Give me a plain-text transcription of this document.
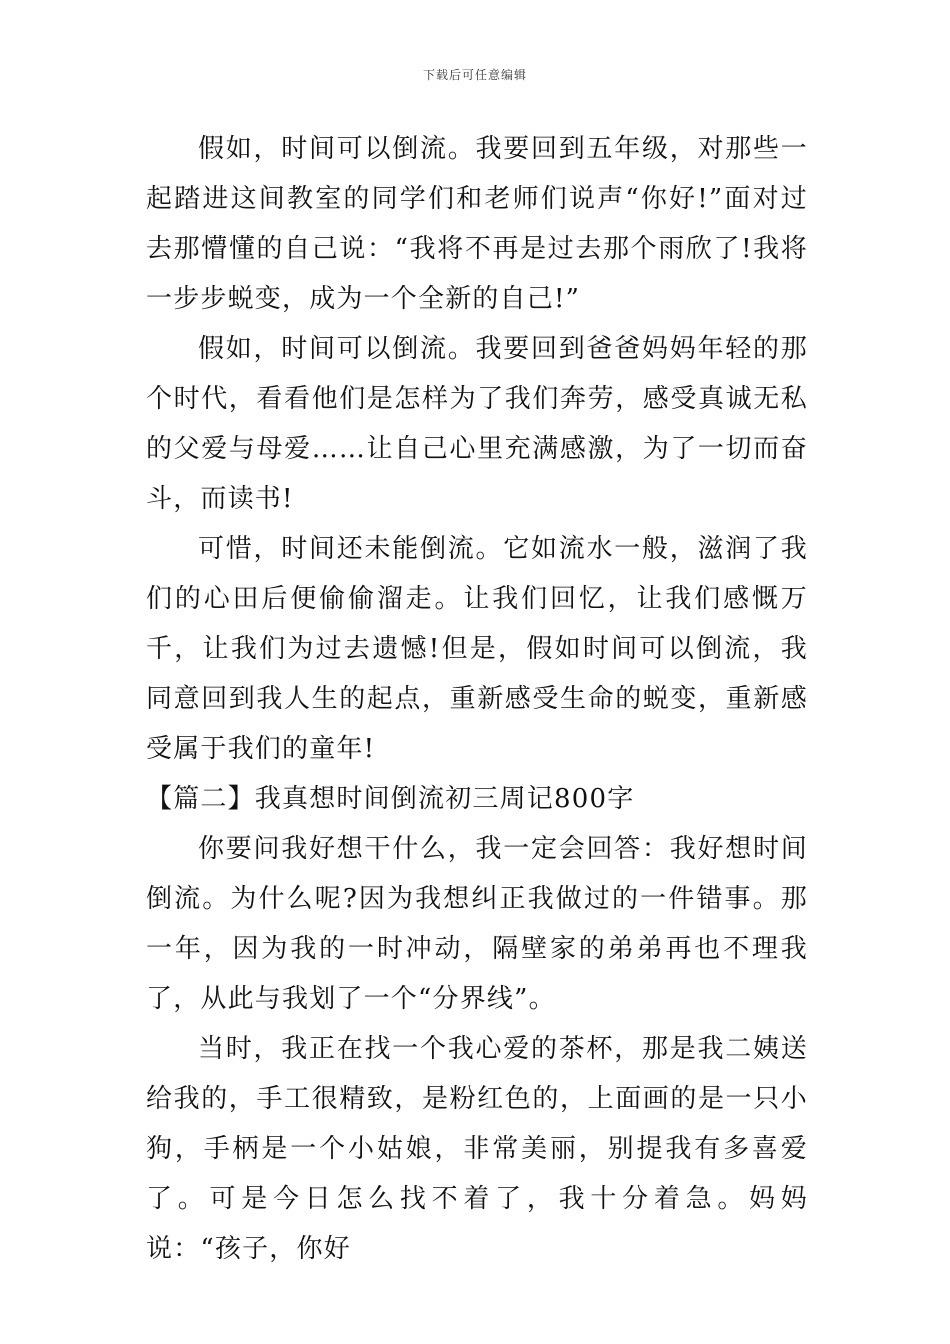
下载后可任意编辑

假如，时间可以倒流。我要回到五年级，对那些一起踏进这间教室的同学们和老师们说声“你好!”面对过去那懵懂的自己说：“我将不再是过去那个雨欣了!我将一步步蜕变，成为一个全新的自己!”

假如，时间可以倒流。我要回到爸爸妈妈年轻的那个时代，看看他们是怎样为了我们奔劳，感受真诚无私的父爱与母爱……让自己心里充满感激，为了一切而奋斗，而读书!

可惜，时间还未能倒流。它如流水一般，滋润了我们的心田后便偷偷溜走。让我们回忆，让我们感慨万千，让我们为过去遗憾!但是，假如时间可以倒流，我同意回到我人生的起点，重新感受生命的蜕变，重新感受属于我们的童年!

【篇二】我真想时间倒流初三周记800字

你要问我好想干什么，我一定会回答：我好想时间倒流。为什么呢?因为我想纠正我做过的一件错事。那一年，因为我的一时冲动，隔壁家的弟弟再也不理我了，从此与我划了一个“分界线”。

当时，我正在找一个我心爱的茶杯，那是我二姨送给我的，手工很精致，是粉红色的，上面画的是一只小狗，手柄是一个小姑娘，非常美丽，别提我有多喜爱了。可是今日怎么找不着了，我十分着急。妈妈说：“孩子，你好
